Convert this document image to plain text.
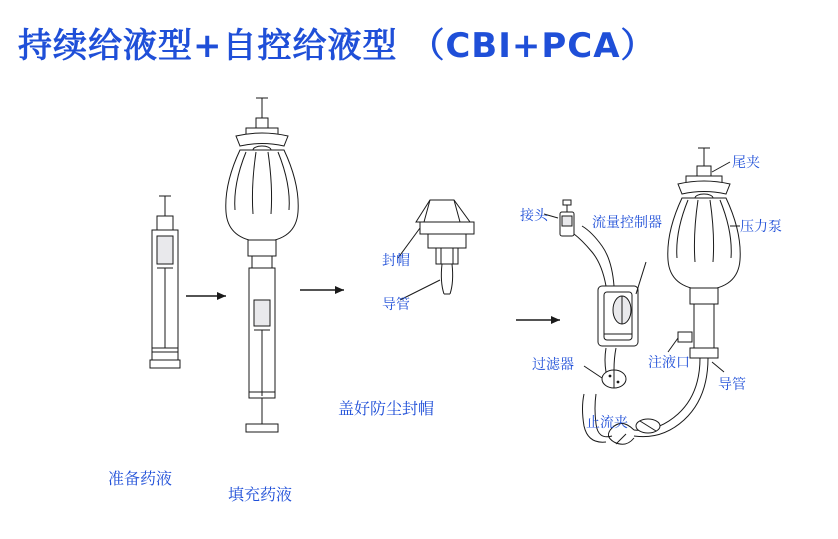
持续给液型+自控给液型 （CBI+PCA）
准备药液
填充药液
盖好防尘封帽
封帽
导管
尾夹
接头	流量控制器	压力泵
过滤器	注液口
止流夹
导管
